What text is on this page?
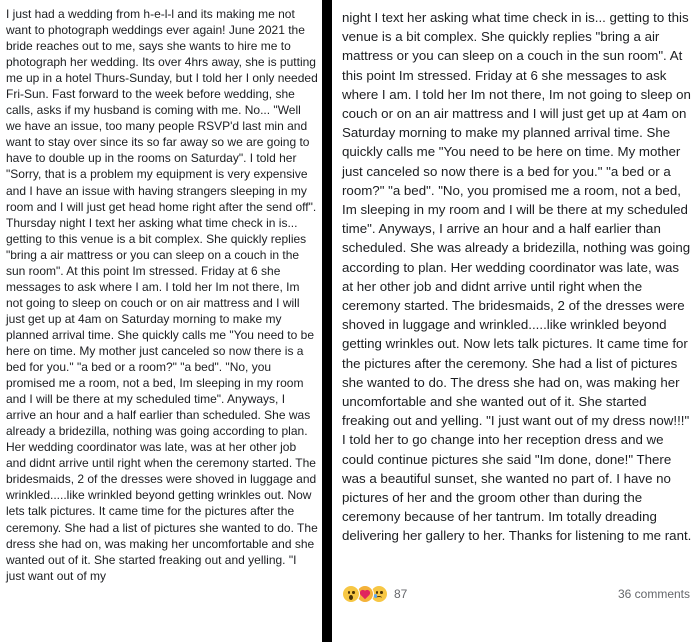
I just had a wedding from h-e-l-l and its making me not want to photograph weddings ever again! June 2021 the bride reaches out to me, says she wants to hire me to photograph her wedding. Its over 4hrs away, she is putting me up in a hotel Thurs-Sunday, but I told her I only needed Fri-Sun. Fast forward to the week before wedding, she calls, asks if my husband is coming with me. No... "Well we have an issue, too many people RSVP'd last min and want to stay over since its so far away so we are going to have to double up in the rooms on Saturday". I told her "Sorry, that is a problem my equipment is very expensive and I have an issue with having strangers sleeping in my room and I will just get head home right after the send off". Thursday night I text her asking what time check in is... getting to this venue is a bit complex. She quickly replies "bring a air mattress or you can sleep on a couch in the sun room". At this point Im stressed. Friday at 6 she messages to ask where I am. I told her Im not there, Im not going to sleep on couch or on air mattress and I will just get up at 4am on Saturday morning to make my planned arrival time. She quickly calls me "You need to be here on time. My mother just canceled so now there is a bed for you." "a bed or a room?" "a bed". "No, you promised me a room, not a bed, Im sleeping in my room and I will be there at my scheduled time". Anyways, I arrive an hour and a half earlier than scheduled. She was already a bridezilla, nothing was going according to plan. Her wedding coordinator was late, was at her other job and didnt arrive until right when the ceremony started. The bridesmaids, 2 of the dresses were shoved in luggage and wrinkled.....like wrinkled beyond getting wrinkles out. Now lets talk pictures. It came time for the pictures after the ceremony. She had a list of pictures she wanted to do. The dress she had on, was making her uncomfortable and she wanted out of it. She started freaking out and yelling. "I just want out of my

night I text her asking what time check in is... getting to this venue is a bit complex. She quickly replies "bring a air mattress or you can sleep on a couch in the sun room". At this point Im stressed. Friday at 6 she messages to ask where I am. I told her Im not there, Im not going to sleep on couch or on an air mattress and I will just get up at 4am on Saturday morning to make my planned arrival time. She quickly calls me "You need to be here on time. My mother just canceled so now there is a bed for you." "a bed or a room?" "a bed". "No, you promised me a room, not a bed, Im sleeping in my room and I will be there at my scheduled time". Anyways, I arrive an hour and a half earlier than scheduled. She was already a bridezilla, nothing was going according to plan. Her wedding coordinator was late, was at her other job and didnt arrive until right when the ceremony started. The bridesmaids, 2 of the dresses were shoved in luggage and wrinkled.....like wrinkled beyond getting wrinkles out. Now lets talk pictures. It came time for the pictures after the ceremony. She had a list of pictures she wanted to do. The dress she had on, was making her uncomfortable and she wanted out of it. She started freaking out and yelling. "I just want out of my dress now!!!" I told her to go change into her reception dress and we could continue pictures she said "Im done, done!" There was a beautiful sunset, she wanted no part of. I have no pictures of her and the groom other than during the ceremony because of her tantrum. Im totally dreading delivering her gallery to her. Thanks for listening to me rant.

87	36 comments
